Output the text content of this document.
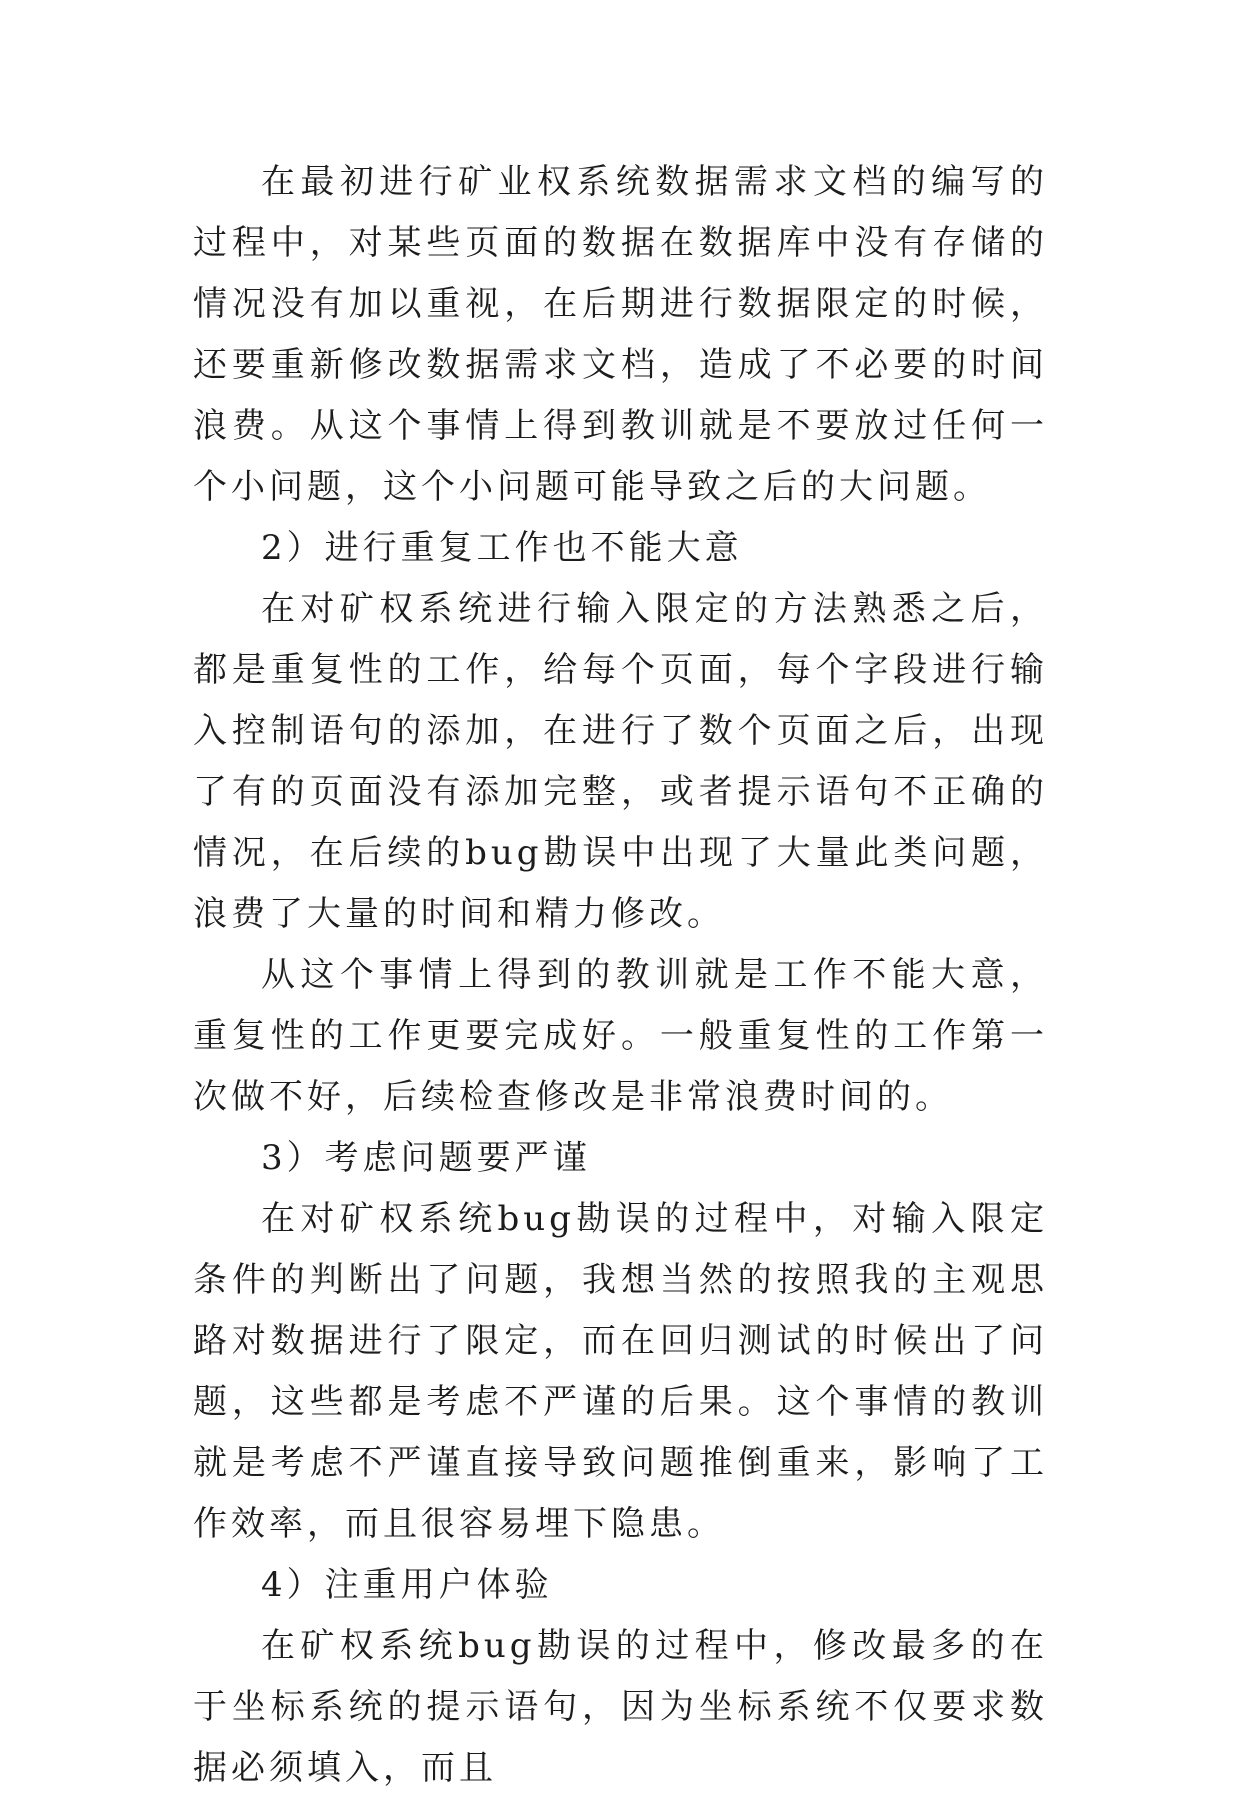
在最初进行矿业权系统数据需求文档的编写的过程中，对某些页面的数据在数据库中没有存储的情况没有加以重视，在后期进行数据限定的时候，还要重新修改数据需求文档，造成了不必要的时间浪费。从这个事情上得到教训就是不要放过任何一个小问题，这个小问题可能导致之后的大问题。

2）进行重复工作也不能大意

在对矿权系统进行输入限定的方法熟悉之后，都是重复性的工作，给每个页面，每个字段进行输入控制语句的添加，在进行了数个页面之后，出现了有的页面没有添加完整，或者提示语句不正确的情况，在后续的bug勘误中出现了大量此类问题，浪费了大量的时间和精力修改。

从这个事情上得到的教训就是工作不能大意，重复性的工作更要完成好。一般重复性的工作第一次做不好，后续检查修改是非常浪费时间的。

3）考虑问题要严谨

在对矿权系统bug勘误的过程中，对输入限定条件的判断出了问题，我想当然的按照我的主观思路对数据进行了限定，而在回归测试的时候出了问题，这些都是考虑不严谨的后果。这个事情的教训就是考虑不严谨直接导致问题推倒重来，影响了工作效率，而且很容易埋下隐患。

4）注重用户体验

在矿权系统bug勘误的过程中，修改最多的在于坐标系统的提示语句，因为坐标系统不仅要求数据必须填入，而且
